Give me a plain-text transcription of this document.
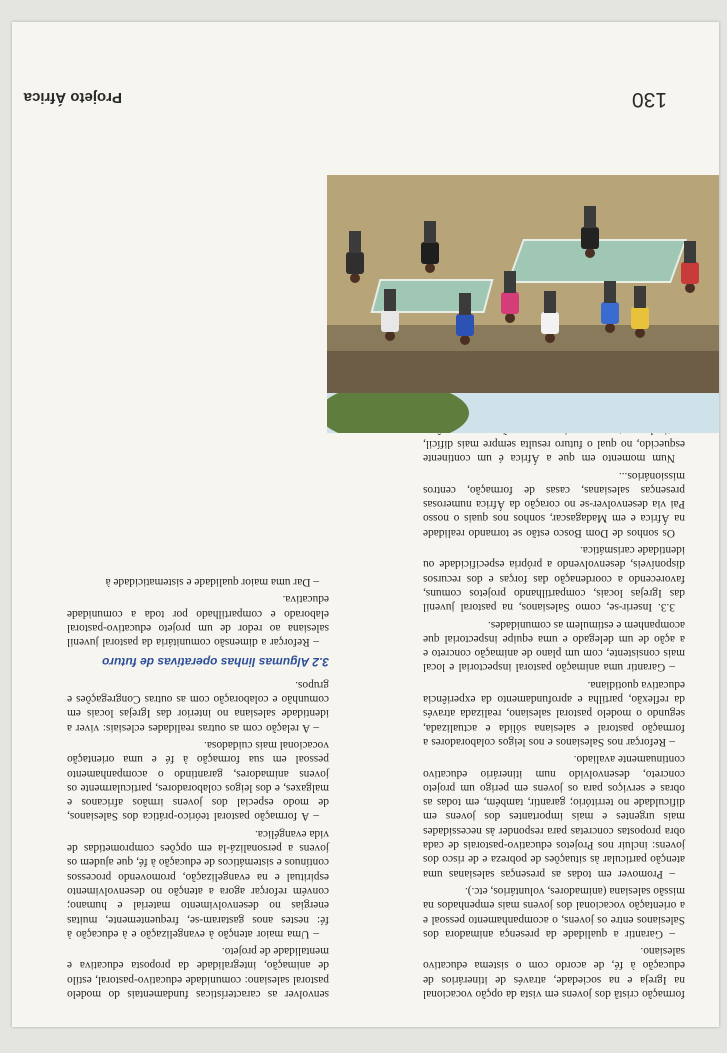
Projeto África	130

formação cristã dos jovens em vista da opção vocacional na Igreja e na sociedade, através de itinerários de educação à fé, de acordo com o sistema educativo salesiano.

– Garantir a qualidade da presença animadora dos Salesianos entre os jovens, o acompanhamento pessoal e a orientação vocacional dos jovens mais empenhados na missão salesiana (animadores, voluntários, etc.).

– Promover em todas as presenças salesianas uma atenção particular às situações de pobreza e de risco dos jovens: incluir nos Projetos educativo-pastorais de cada obra propostas concretas para responder às necessidades mais urgentes e mais importantes dos jovens em dificuldade no território; garantir, também, em todas as obras e serviços para os jovens em perigo um projeto concreto, desenvolvido num itinerário educativo continuamente avaliado.

– Reforçar nos Salesianos e nos leigos colaboradores a formação pastoral e salesiana sólida e actualizada, segundo o modelo pastoral salesiano, realizada através da reflexão, partilha e aprofundamento da experiência educativa quotidiana.

– Garantir uma animação pastoral inspectorial e local mais consistente, com um plano de animação concreto e a ação de um delegado e uma equipe inspectorial que acompanhem e estimulem as comunidades.

3.3. Inserir-se, como Salesianos, na pastoral juvenil das Igrejas locais, compartilhando projetos comuns, favorecendo a coordenação das forças e dos recursos disponíveis, desenvolvendo a própria especificidade ou identidade carismática.

Os sonhos de Dom Bosco estão se tornando realidade na África e em Madagascar, sonhos nos quais o nosso Pai via desenvolver-se no coração da África numerosas presenças salesianas, casas de formação, centros missionários...

Num momento em que a África é um continente esquecido, no qual o futuro resulta sempre mais difícil,

senvolver as características fundamentais do modelo pastoral salesiano: comunidade educativo-pastoral, estilo de animação, integralidade da proposta educativa e mentalidade de projeto.

– Uma maior atenção à evangelização e à educação à fé: nestes anos gastaram-se, frequentemente, muitas energias no desenvolvimento material e humano; convém reforçar agora a atenção no desenvolvimento espiritual e na evangelização, promovendo processos contínuos e sistemáticos de educação à fé, que ajudem os jovens a personalizá-la em opções comprometidas de vida evangélica.

– A formação pastoral teórico-prática dos Salesianos, de modo especial dos jovens irmãos africanos e malgaxes, e dos leigos colaboradores, particularmente os jovens animadores, garantindo o acompanhamento pessoal em sua formação à fé e uma orientação vocacional mais cuidadosa.

– A relação com as outras realidades eclesiais: viver a identidade salesiana no interior das Igrejas locais em comunhão e colaboração com as outras Congregações e grupos.

3.2 Algumas linhas operativas de futuro

– Reforçar a dimensão comunitária da pastoral juvenil salesiana ao redor de um projeto educativo-pastoral elaborado e compartilhado por toda a comunidade educativa.

– Dar uma maior qualidade e sistematicidade à
